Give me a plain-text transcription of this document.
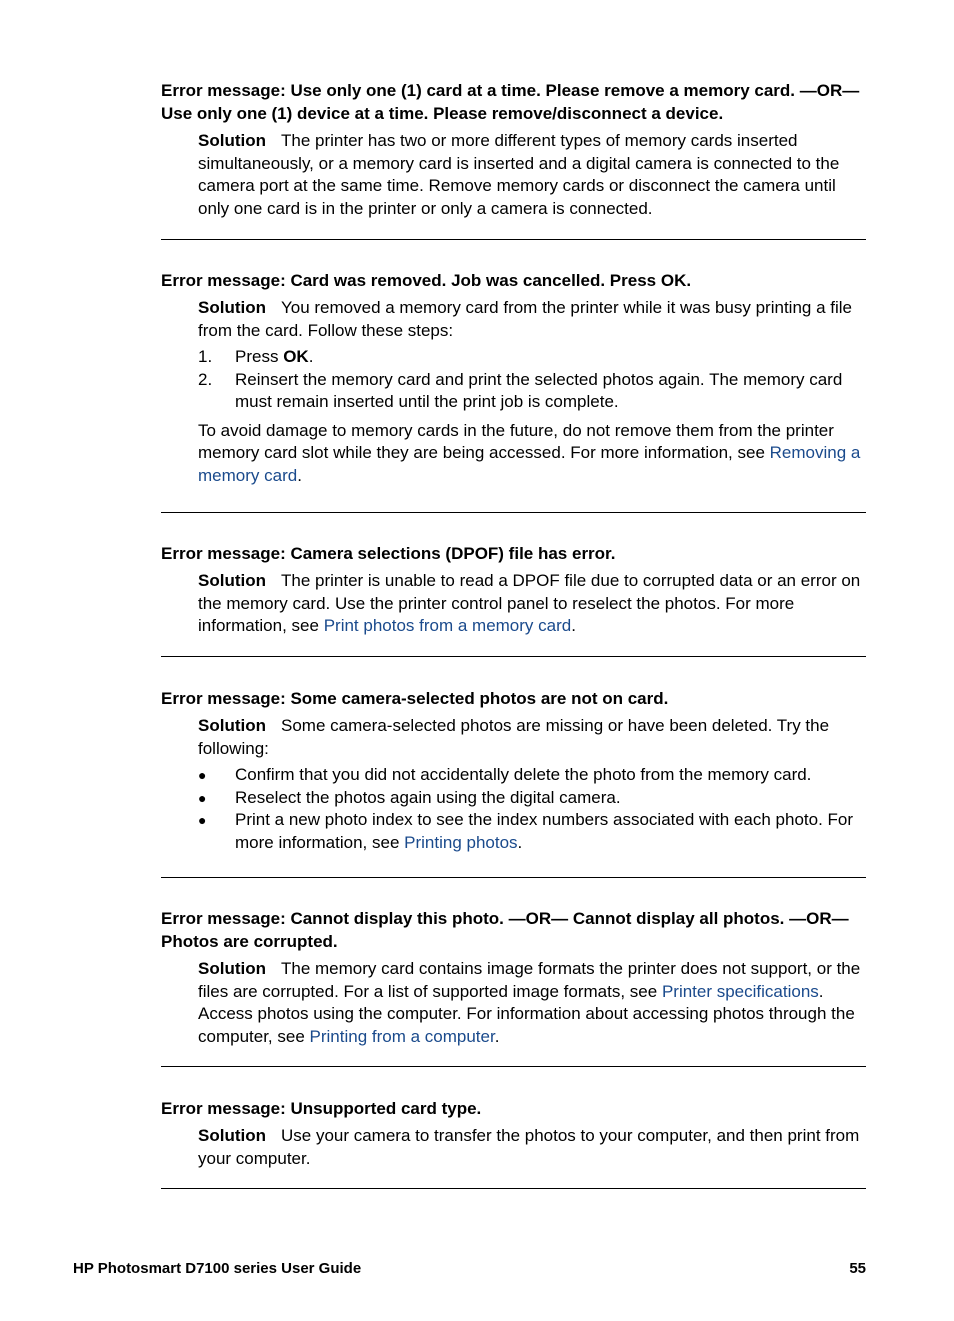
Error message: Use only one (1) card at a time. Please remove a memory card. —OR— Use only one (1) device at a time. Please remove/disconnect a device.

Solution The printer has two or more different types of memory cards inserted simultaneously, or a memory card is inserted and a digital camera is connected to the camera port at the same time. Remove memory cards or disconnect the camera until only one card is in the printer or only a camera is connected.

Error message: Card was removed. Job was cancelled. Press OK.

Solution You removed a memory card from the printer while it was busy printing a file from the card. Follow these steps:

1. Press OK.
2. Reinsert the memory card and print the selected photos again. The memory card must remain inserted until the print job is complete.

To avoid damage to memory cards in the future, do not remove them from the printer memory card slot while they are being accessed. For more information, see Removing a memory card.

Error message: Camera selections (DPOF) file has error.

Solution The printer is unable to read a DPOF file due to corrupted data or an error on the memory card. Use the printer control panel to reselect the photos. For more information, see Print photos from a memory card.

Error message: Some camera-selected photos are not on card.

Solution Some camera-selected photos are missing or have been deleted. Try the following:

● Confirm that you did not accidentally delete the photo from the memory card.
● Reselect the photos again using the digital camera.
● Print a new photo index to see the index numbers associated with each photo. For more information, see Printing photos.

Error message: Cannot display this photo. —OR— Cannot display all photos. —OR— Photos are corrupted.

Solution The memory card contains image formats the printer does not support, or the files are corrupted. For a list of supported image formats, see Printer specifications. Access photos using the computer. For information about accessing photos through the computer, see Printing from a computer.

Error message: Unsupported card type.

Solution Use your camera to transfer the photos to your computer, and then print from your computer.

HP Photosmart D7100 series User Guide	55
